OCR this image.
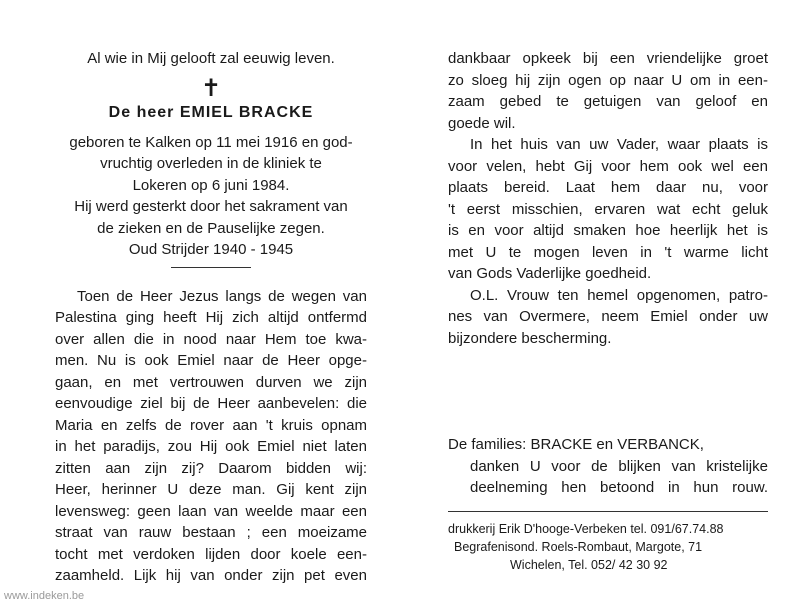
Al wie in Mij gelooft zal eeuwig leven.
✝
De heer EMIEL BRACKE
geboren te Kalken op 11 mei 1916 en god-
vruchtig overleden in de kliniek te
Lokeren op 6 juni 1984.
Hij werd gesterkt door het sakrament van
de zieken en de Pauselijke zegen.
Oud Strijder 1940 - 1945
Toen de Heer Jezus langs de wegen van
Palestina ging heeft Hij zich altijd ontfermd
over allen die in nood naar Hem toe kwa-
men. Nu is ook Emiel naar de Heer opge-
gaan, en met vertrouwen durven we zijn
eenvoudige ziel bij de Heer aanbevelen: die
Maria en zelfs de rover aan 't kruis opnam
in het paradijs, zou Hij ook Emiel niet laten
zitten aan zijn zij? Daarom bidden wij:
Heer, herinner U deze man. Gij kent zijn
levensweg: geen laan van weelde maar een
straat van rauw bestaan ; een moeizame
tocht met verdoken lijden door koele een-
zaamheld. Lijk hij van onder zijn pet even
dankbaar opkeek bij een vriendelijke groet
zo sloeg hij zijn ogen op naar U om in een-
zaam gebed te getuigen van geloof en
goede wil.
In het huis van uw Vader, waar plaats is
voor velen, hebt Gij voor hem ook wel een
plaats bereid. Laat hem daar nu, voor
't eerst misschien, ervaren wat echt geluk
is en voor altijd smaken hoe heerlijk het is
met U te mogen leven in 't warme licht
van Gods Vaderlijke goedheid.
O.L. Vrouw ten hemel opgenomen, patro-
nes van Overmere, neem Emiel onder uw
bijzondere bescherming.
De families: BRACKE en VERBANCK,
danken U voor de blijken van kristelijke
deelneming hen betoond in hun rouw.
drukkerij Erik D'hooge-Verbeken tel. 091/67.74.88
Begrafenisond. Roels-Rombaut, Margote, 71
Wichelen, Tel. 052/ 42 30 92
www.indeken.be
